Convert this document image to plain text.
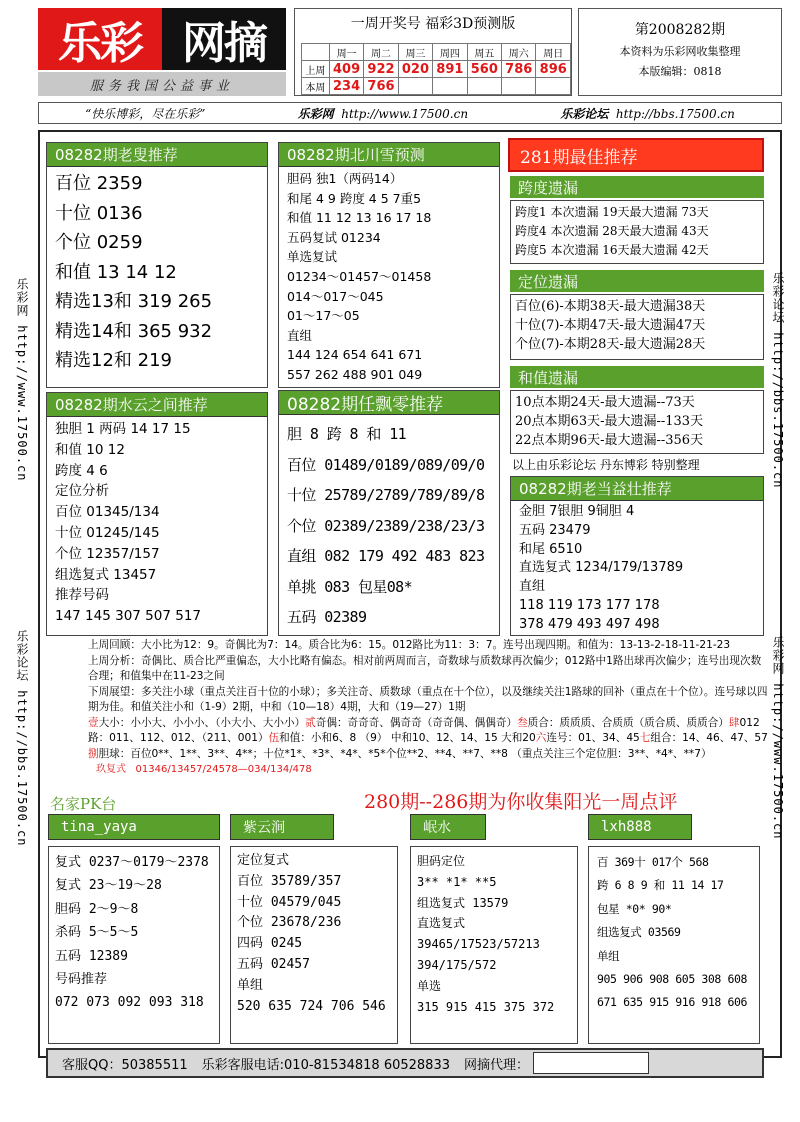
乐彩 网摘
服务我国公益事业
一周开奖号 福彩3D预测版
	周一	周二	周三	周四	周五	周六	周日
上周	409	922	020	891	560	786	896
本周	234	766					
第2008282期
本资料为乐彩网收集整理
本版编辑：0818
“快乐博彩，尽在乐彩”	乐彩网 http://www.17500.cn	乐彩论坛 http://bbs.17500.cn
乐彩网 http://www.17500.cn
乐彩论坛 http://bbs.17500.cn
乐彩论坛 http://bbs.17500.cn
乐彩网 http://www.17500.cn
08282期老叟推荐
百位 2359
十位 0136
个位 0259
和值 13 14 12
精选13和 319 265
精选14和 365 932
精选12和 219
08282期北川雪预测
胆码 独1（两码14）
和尾 4 9 跨度 4 5 7重5
和值 11 12 13 16 17 18
五码复试 01234
单选复试
01234～01457～01458
014～017～045
01～17～05
直组
144 124 654 641 671
557 262 488 901 049
08282期水云之间推荐
独胆 1 两码 14 17 15
和值 10 12
跨度 4 6
定位分析
百位 01345/134
十位 01245/145
个位 12357/157
组选复式 13457
推荐号码
147 145 307 507 517
08282期任飘零推荐
胆 8 跨 8 和 11
百位 01489/0189/089/09/0
十位 25789/2789/789/89/8
个位 02389/2389/238/23/3
直组 082 179 492 483 823
单挑 083 包星08*
五码 02389
281期最佳推荐
跨度遗漏
跨度1 本次遗漏 19天最大遗漏 73天
跨度4 本次遗漏 28天最大遗漏 43天
跨度5 本次遗漏 16天最大遗漏 42天
定位遗漏
百位(6)-本期38天-最大遗漏38天
十位(7)-本期47天-最大遗漏47天
个位(7)-本期28天-最大遗漏28天
和值遗漏
10点本期24天-最大遗漏--73天
20点本期63天-最大遗漏--133天
22点本期96天-最大遗漏--356天
以上由乐彩论坛 丹东博彩 特别整理
08282期老当益壮推荐
金胆 7银胆 9铜胆 4
五码 23479
和尾 6510
直选复式 1234/179/13789
直组
118 119 173 177 178
378 479 493 497 498
上周回顾：大小比为12：9。奇偶比为7：14。质合比为6：15。012路比为11：3：7。连号出现四期。和值为：13-13-2-18-11-21-23
上周分析：奇偶比、质合比严重偏态，大小比略有偏态。相对前两周而言，奇数球与质数球再次偏少；012路中1路出球再次偏少；连号出现次数合理；和值集中在11-23之间
下周展望：多关注小球（重点关注百十位的小球）；多关注奇、质数球（重点在十个位），以及继续关注1路球的回补（重点在十个位）。连号球以四期为佳。和值关注小和（1-9）2期，中和（10—18）4期，大和（19—27）1期
壹大小：小小大、小小小、（小大小、大小小）贰奇偶：奇奇奇、偶奇奇（奇奇偶、偶偶奇）叁质合：质质质、合质质（质合质、质质合）肆012路：011、112、012、（211、001）伍和值：小和6、8 （9） 中和10、12、14、15 大和20六连号：01、34、45七组合：14、46、47、57捌胆球：百位0**、1**、3**、4**；十位*1*、*3*、*4*、*5*个位**2、**4、**7、**8 （重点关注三个定位胆：3**、*4*、**7）
玖复式 01346/13457/24578—034/134/478
名家PK台	280期--286期为你收集阳光一周点评
tina_yaya
复式 0237～0179～2378
复式 23～19～28
胆码 2～9～8
杀码 5～5～5
五码 12389
号码推荐
072 073 092 093 318
紫云涧
定位复式
百位 35789/357
十位 04579/045
个位 23678/236
四码 0245
五码 02457
单组
520 635 724 706 546
岷水
胆码定位
3** *1* **5
组选复式 13579
直选复式
39465/17523/57213
394/175/572
单选
315 915 415 375 372
lxh888
百 369十 017个 568
跨 6 8 9 和 11 14 17
包星 *0* 90*
组选复式 03569
单组
905 906 908 605 308 608
671 635 915 916 918 606
客服QQ：50385511 乐彩客服电话:010-81534818 60528833 网摘代理：
